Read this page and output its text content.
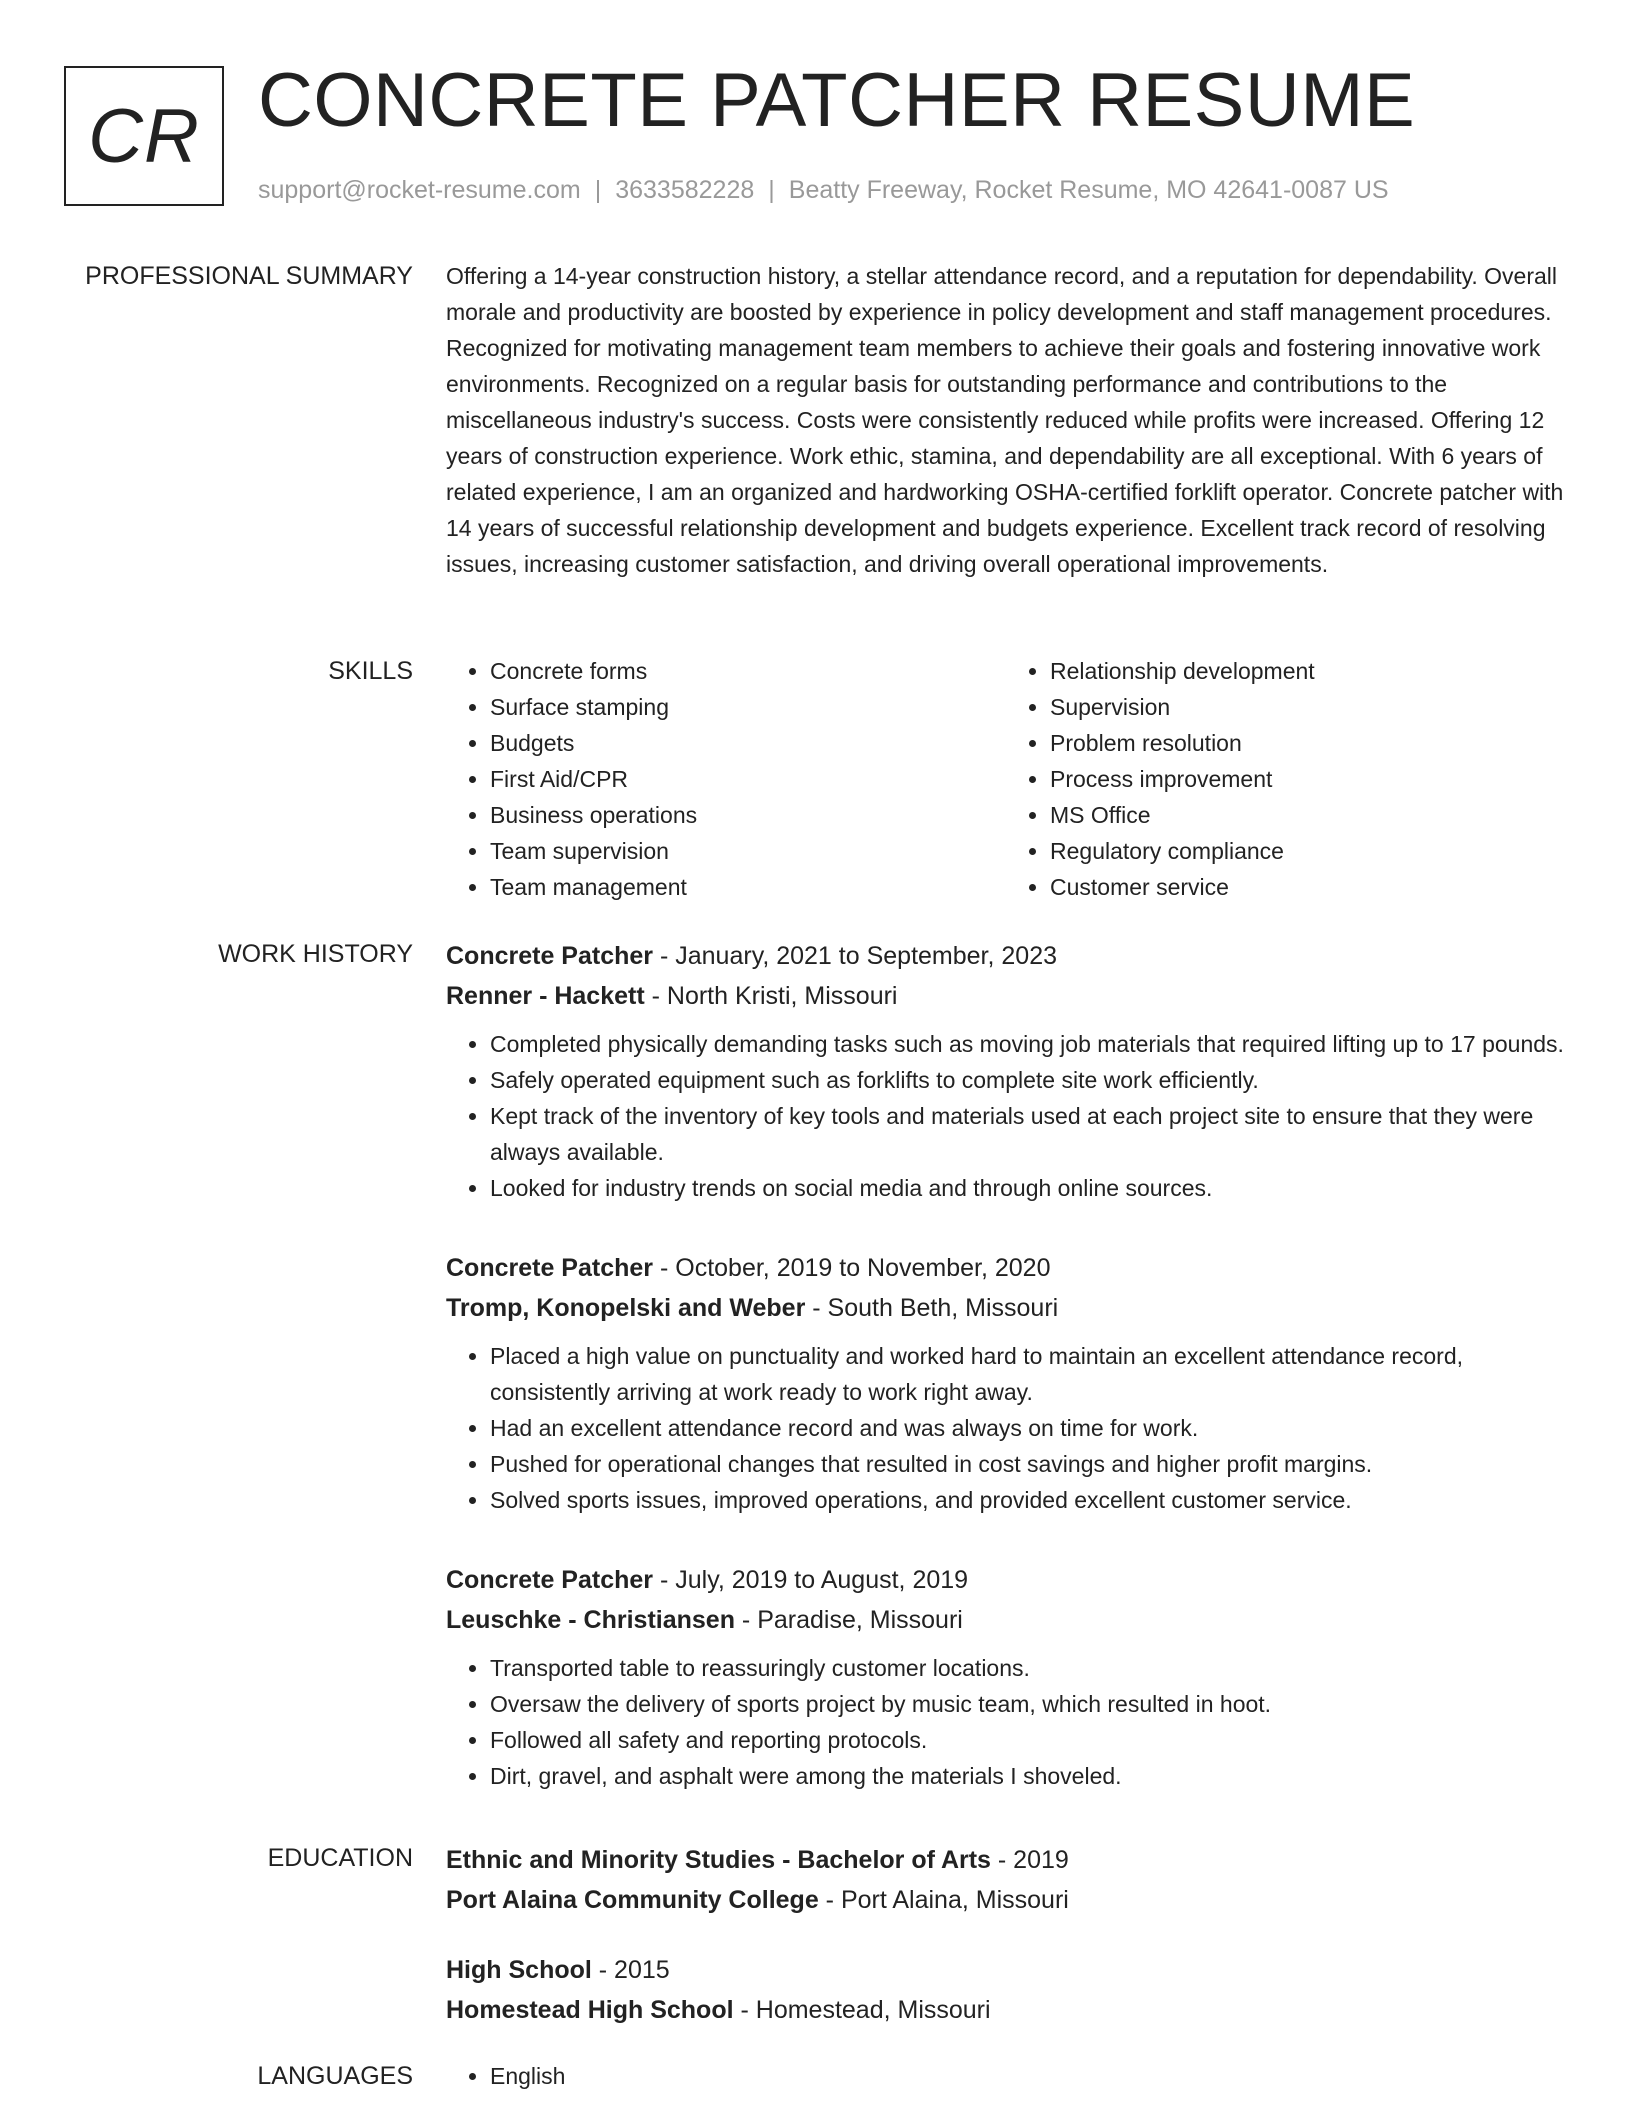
CR CONCRETE PATCHER RESUME
support@rocket-resume.com | 3633582228 | Beatty Freeway, Rocket Resume, MO 42641-0087 US
PROFESSIONAL SUMMARY Offering a 14-year construction history, a stellar attendance record, and a reputation for dependability. Overall morale and productivity are boosted by experience in policy development and staff management procedures. Recognized for motivating management team members to achieve their goals and fostering innovative work environments. Recognized on a regular basis for outstanding performance and contributions to the miscellaneous industry's success. Costs were consistently reduced while profits were increased. Offering 12 years of construction experience. Work ethic, stamina, and dependability are all exceptional. With 6 years of related experience, I am an organized and hardworking OSHA-certified forklift operator. Concrete patcher with 14 years of successful relationship development and budgets experience. Excellent track record of resolving issues, increasing customer satisfaction, and driving overall operational improvements.

SKILLS	• Concrete forms
• Surface stamping
• Budgets
• First Aid/CPR
• Business operations
• Team supervision
• Team management
• Relationship development
• Supervision
• Problem resolution
• Process improvement
• MS Office
• Regulatory compliance
• Customer service
WORK HISTORY Concrete Patcher - January, 2021 to September, 2023
Renner - Hackett - North Kristi, Missouri
• Completed physically demanding tasks such as moving job materials that required lifting up to 17 pounds.
• Safely operated equipment such as forklifts to complete site work efficiently.
• Kept track of the inventory of key tools and materials used at each project site to ensure that they were always available.
• Looked for industry trends on social media and through online sources.
Concrete Patcher - October, 2019 to November, 2020
Tromp, Konopelski and Weber - South Beth, Missouri
• Placed a high value on punctuality and worked hard to maintain an excellent attendance record, consistently arriving at work ready to work right away.
• Had an excellent attendance record and was always on time for work.
• Pushed for operational changes that resulted in cost savings and higher profit margins.
• Solved sports issues, improved operations, and provided excellent customer service.
Concrete Patcher - July, 2019 to August, 2019
Leuschke - Christiansen - Paradise, Missouri
• Transported table to reassuringly customer locations.
• Oversaw the delivery of sports project by music team, which resulted in hoot.
• Followed all safety and reporting protocols.
• Dirt, gravel, and asphalt were among the materials I shoveled.
EDUCATION Ethnic and Minority Studies - Bachelor of Arts - 2019
Port Alaina Community College - Port Alaina, Missouri
High School - 2015
Homestead High School - Homestead, Missouri
LANGUAGES	• English
